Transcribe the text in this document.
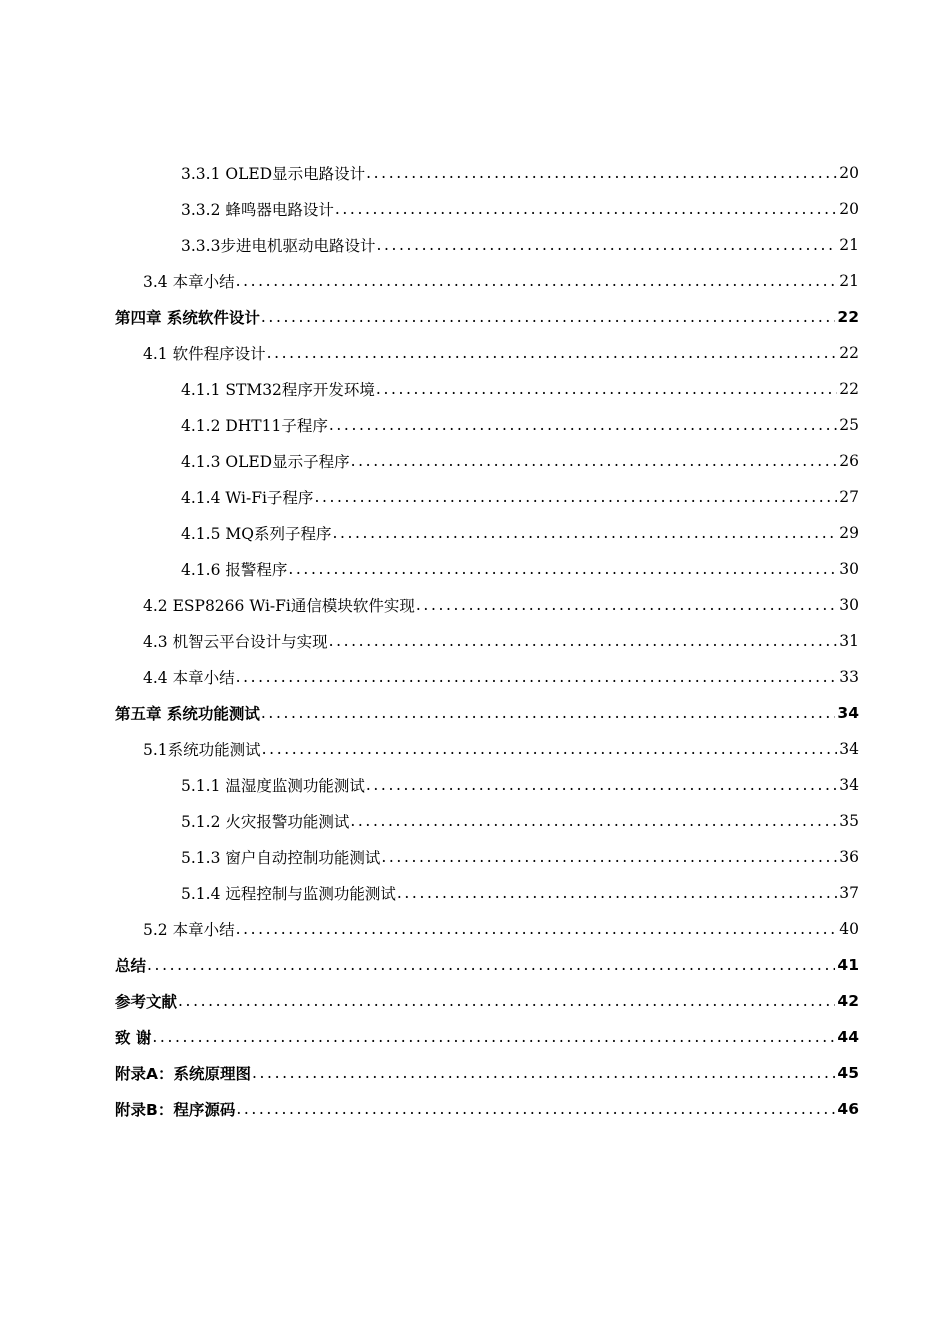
3.3.1 OLED显示电路设计 .....	20
3.3.2 蜂鸣器电路设计 .....	20
3.3.3步进电机驱动电路设计 .....	21
3.4 本章小结 .....	21
第四章 系统软件设计 .....	22
4.1 软件程序设计 .....	22
4.1.1 STM32程序开发环境 .....	22
4.1.2 DHT11子程序 .....	25
4.1.3 OLED显示子程序 .....	26
4.1.4 Wi-Fi子程序 .....	27
4.1.5 MQ系列子程序 .....	29
4.1.6 报警程序 .....	30
4.2 ESP8266 Wi-Fi通信模块软件实现 .....	30
4.3 机智云平台设计与实现 .....	31
4.4 本章小结 .....	33
第五章 系统功能测试 .....	34
5.1系统功能测试 .....	34
5.1.1 温湿度监测功能测试 .....	34
5.1.2 火灾报警功能测试 .....	35
5.1.3 窗户自动控制功能测试 .....	36
5.1.4 远程控制与监测功能测试 .....	37
5.2 本章小结 .....	40
总结 .....	41
参考文献 .....	42
致 谢 .....	44
附录A：系统原理图 .....	45
附录B：程序源码 .....	46
